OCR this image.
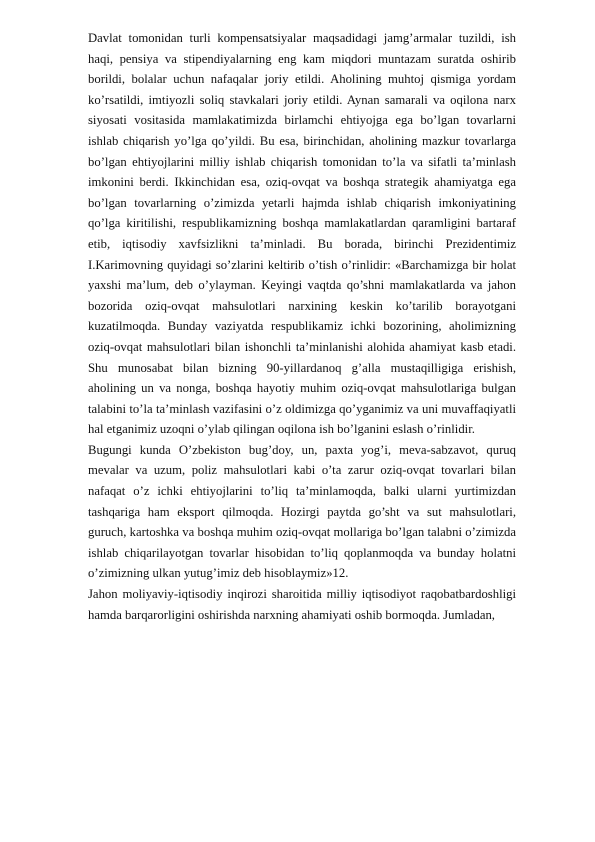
Davlat tomonidan turli kompensatsiyalar maqsadidagi jamg’armalar tuzildi, ish haqi, pensiya va stipendiyalarning eng kam miqdori muntazam suratda oshirib borildi, bolalar uchun nafaqalar joriy etildi. Aholining muhtoj qismiga yordam ko’rsatildi, imtiyozli soliq stavkalari joriy etildi. Aynan samarali va oqilona narx siyosati vositasida mamlakatimizda birlamchi ehtiyojga ega bo’lgan tovarlarni ishlab chiqarish yo’lga qo’yildi. Bu esa, birinchidan, aholining mazkur tovarlarga bo’lgan ehtiyojlarini milliy ishlab chiqarish tomonidan to’la va sifatli ta’minlash imkonini berdi. Ikkinchidan esa, oziq-ovqat va boshqa strategik ahamiyatga ega bo’lgan tovarlarning o’zimizda yetarli hajmda ishlab chiqarish imkoniyatining qo’lga kiritilishi, respublikamizning boshqa mamlakatlardan qaramligini bartaraf etib, iqtisodiy xavfsizlikni ta’minladi. Bu borada, birinchi Prezidentimiz I.Karimovning quyidagi so’zlarini keltirib o’tish o’rinlidir: «Barchamizga bir holat yaxshi ma’lum, deb o’ylayman. Keyingi vaqtda qo’shni mamlakatlarda va jahon bozorida oziq-ovqat mahsulotlari narxining keskin ko’tarilib borayotgani kuzatilmoqda. Bunday vaziyatda respublikamiz ichki bozorining, aholimizning oziq-ovqat mahsulotlari bilan ishonchli ta’minlanishi alohida ahamiyat kasb etadi. Shu munosabat bilan bizning 90-yillardanoq g’alla mustaqilligiga erishish, aholining un va nonga, boshqa hayotiy muhim oziq-ovqat mahsulotlariga bulgan talabini to’la ta’minlash vazifasini o’z oldimizga qo’yganimiz va uni muvaffaqiyatli hal etganimiz uzoqni o’ylab qilingan oqilona ish bo’lganini eslash o’rinlidir.

Bugungi kunda O’zbekiston bug’doy, un, paxta yog’i, meva-sabzavot, quruq mevalar va uzum, poliz mahsulotlari kabi o’ta zarur oziq-ovqat tovarlari bilan nafaqat o’z ichki ehtiyojlarini to’liq ta’minlamoqda, balki ularni yurtimizdan tashqariga ham eksport qilmoqda. Hozirgi paytda go’sht va sut mahsulotlari, guruch, kartoshka va boshqa muhim oziq-ovqat mollariga bo’lgan talabni o’zimizda ishlab chiqarilayotgan tovarlar hisobidan to’liq qoplanmoqda va bunday holatni o’zimizning ulkan yutug’imiz deb hisoblaymiz»12.

Jahon moliyaviy-iqtisodiy inqirozi sharoitida milliy iqtisodiyot raqobatbardoshligi hamda barqarorligini oshirishda narxning ahamiyati oshib bormoqda. Jumladan,
